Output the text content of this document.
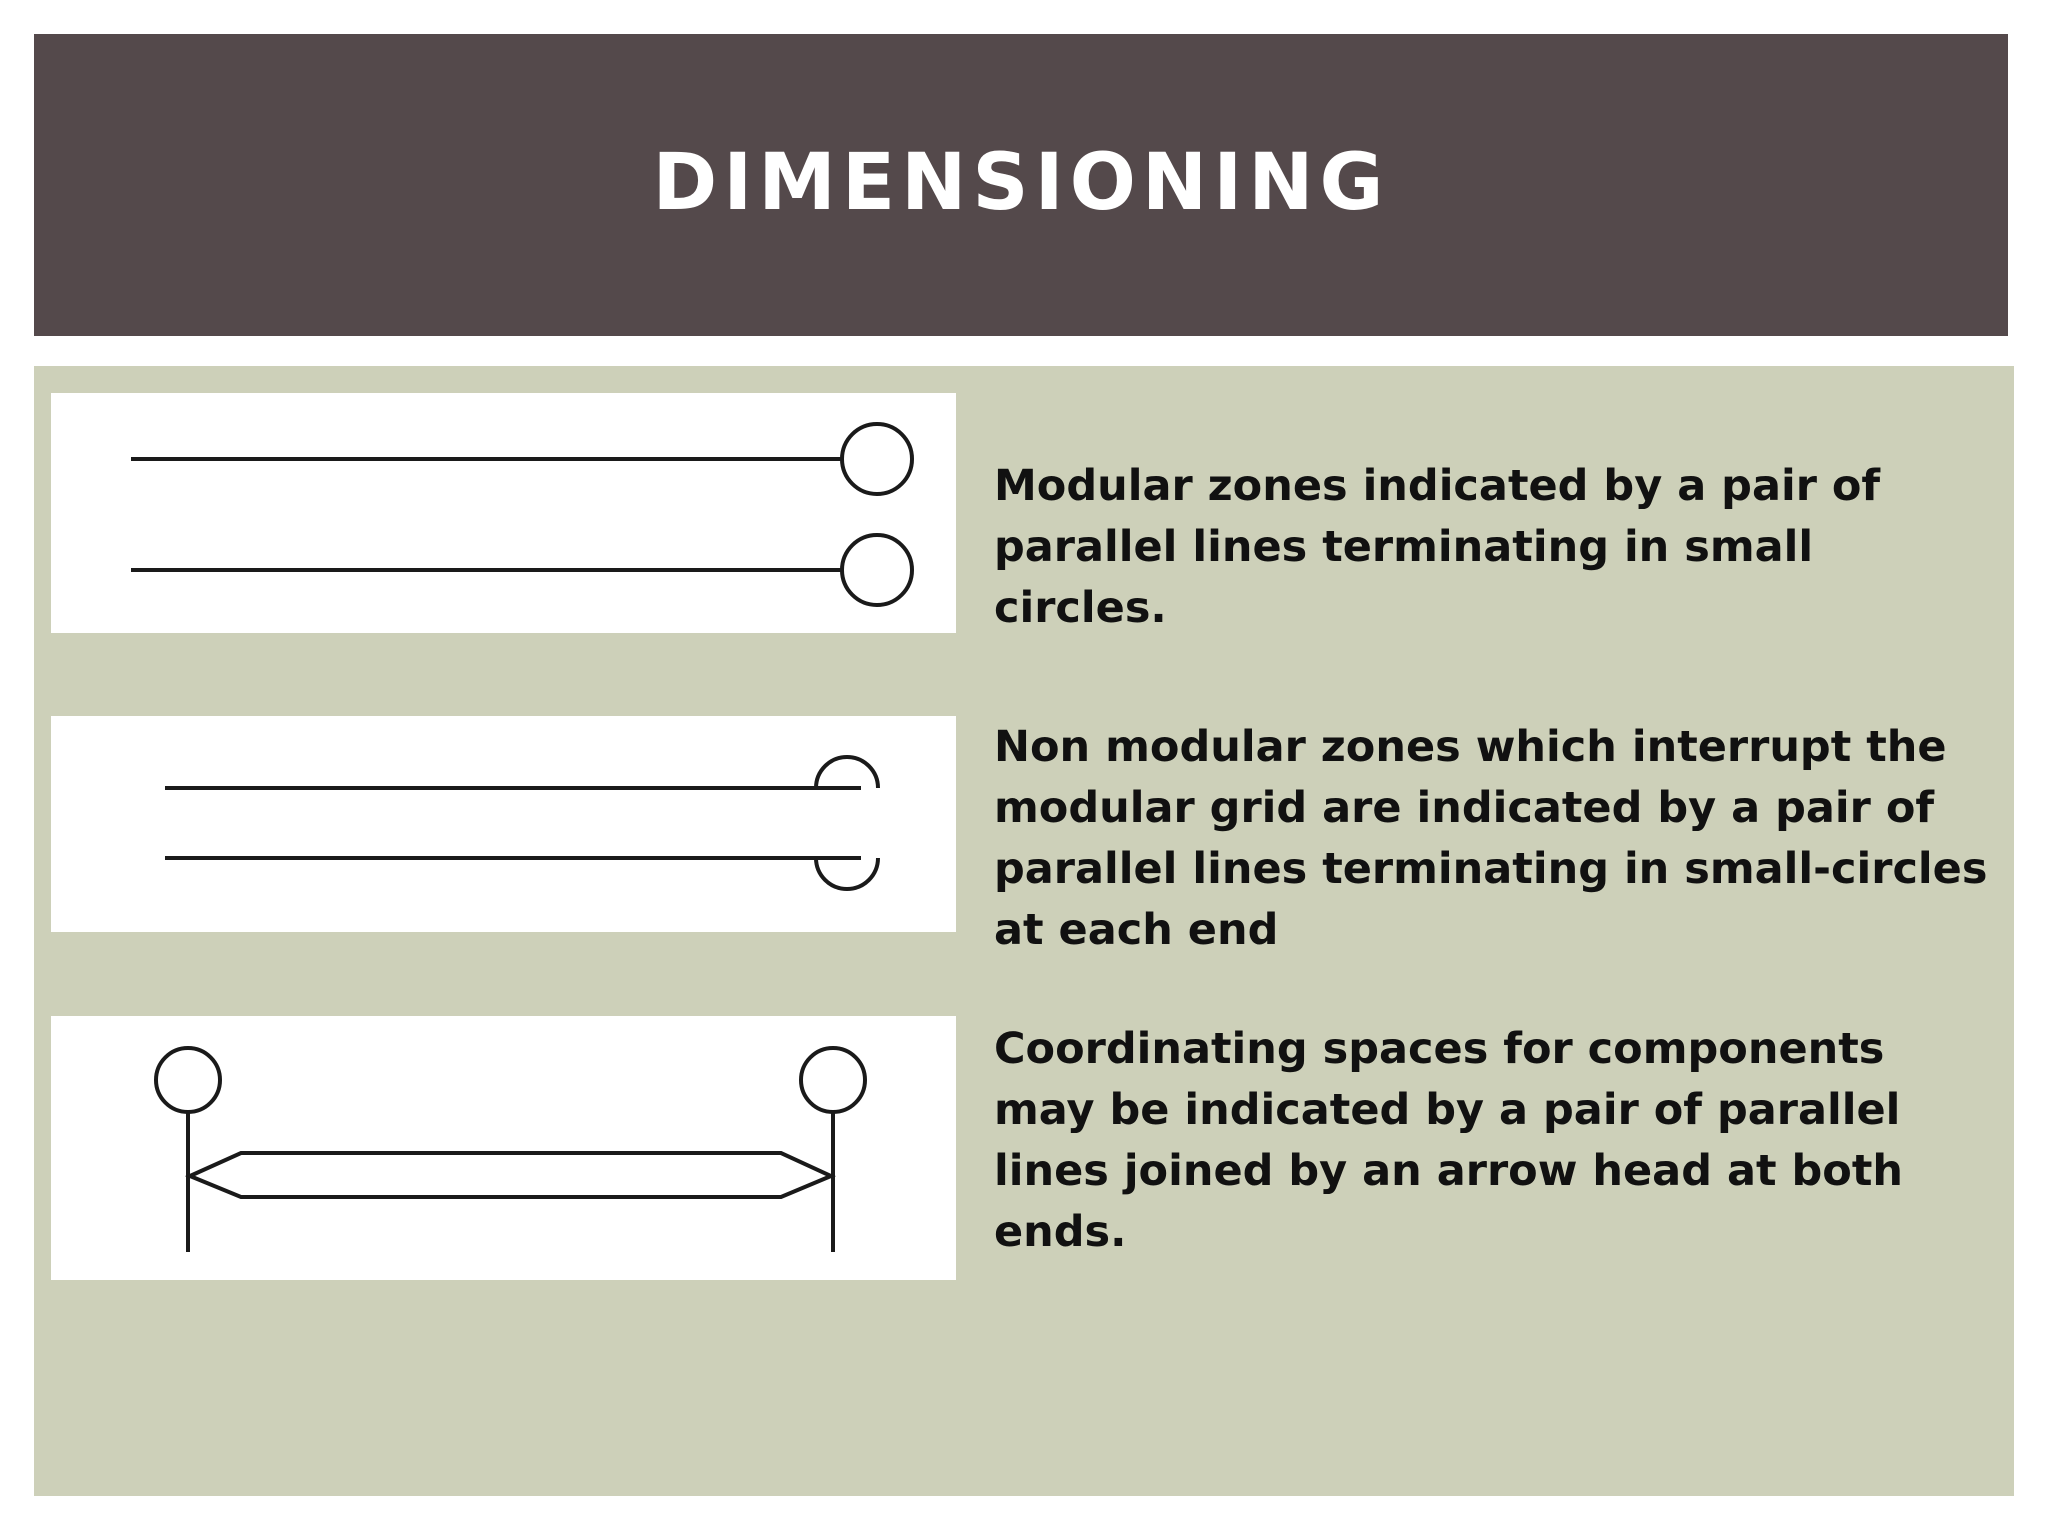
DIMENSIONING

Modular zones indicated by a pair of parallel lines terminating in small circles.

Non modular zones which interrupt the modular grid are indicated by a pair of parallel lines terminating in small-circles at each end

Coordinating spaces for components may be indicated by a pair of parallel lines joined by an arrow head at both ends.
